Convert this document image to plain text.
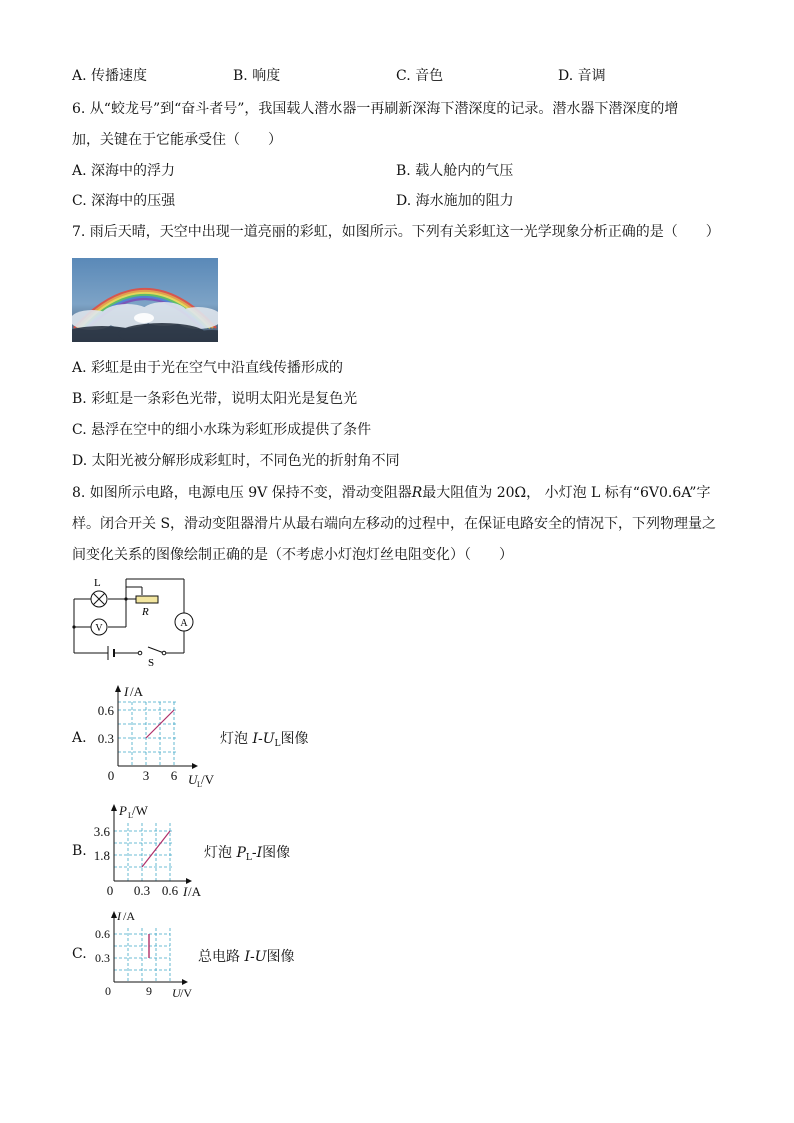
A. 传播速度	B. 响度	C. 音色	D. 音调
6. 从“蛟龙号”到“奋斗者号”，我国载人潜水器一再刷新深海下潜深度的记录。潜水器下潜深度的增
加，关键在于它能承受住（　　）
A. 深海中的浮力	B. 载人舱内的气压
C. 深海中的压强	D. 海水施加的阻力
7. 雨后天晴，天空中出现一道亮丽的彩虹，如图所示。下列有关彩虹这一光学现象分析正确的是（　　）
A. 彩虹是由于光在空气中沿直线传播形成的
B. 彩虹是一条彩色光带，说明太阳光是复色光
C. 悬浮在空中的细小水珠为彩虹形成提供了条件
D. 太阳光被分解形成彩虹时，不同色光的折射角不同
8. 如图所示电路，电源电压 9V 保持不变，滑动变阻器R最大阻值为 20Ω， 小灯泡 L 标有“6V0.6A”字
样。闭合开关 S，滑动变阻器滑片从最右端向左移动的过程中，在保证电路安全的情况下，下列物理量之
间变化关系的图像绘制正确的是（不考虑小灯泡灯丝电阻变化）（　　）
V	A
L
R
S
A.
I /A
0.6
0.3
0 3 6 U L /V
灯泡 $I-U_L$图像
B.
P L /W
3.6
1.8
0 0.3 0.6 I /A
灯泡 $P_L-I$图像
C.
I /A
0.6
0.3
0	9 U /V
总电路 I-U图像
